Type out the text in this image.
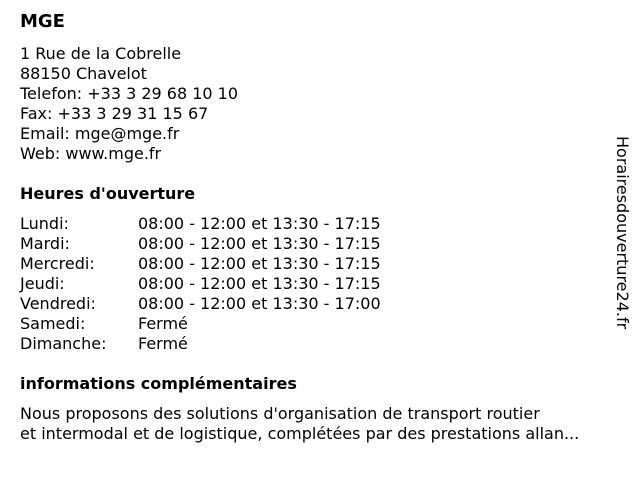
MGE
1 Rue de la Cobrelle
88150 Chavelot
Telefon: +33 3 29 68 10 10
Fax: +33 3 29 31 15 67
Email: mge@mge.fr
Web: www.mge.fr
Heures d'ouverture
Lundi:	08:00 - 12:00 et 13:30 - 17:15
Mardi:	08:00 - 12:00 et 13:30 - 17:15
Mercredi:	08:00 - 12:00 et 13:30 - 17:15
Jeudi:	08:00 - 12:00 et 13:30 - 17:15
Vendredi:	08:00 - 12:00 et 13:30 - 17:00
Samedi:	Fermé
Dimanche:	Fermé
informations complémentaires
Nous proposons des solutions d'organisation de transport routier
et intermodal et de logistique, complétées par des prestations allan...
Horairesdouverture24.fr
